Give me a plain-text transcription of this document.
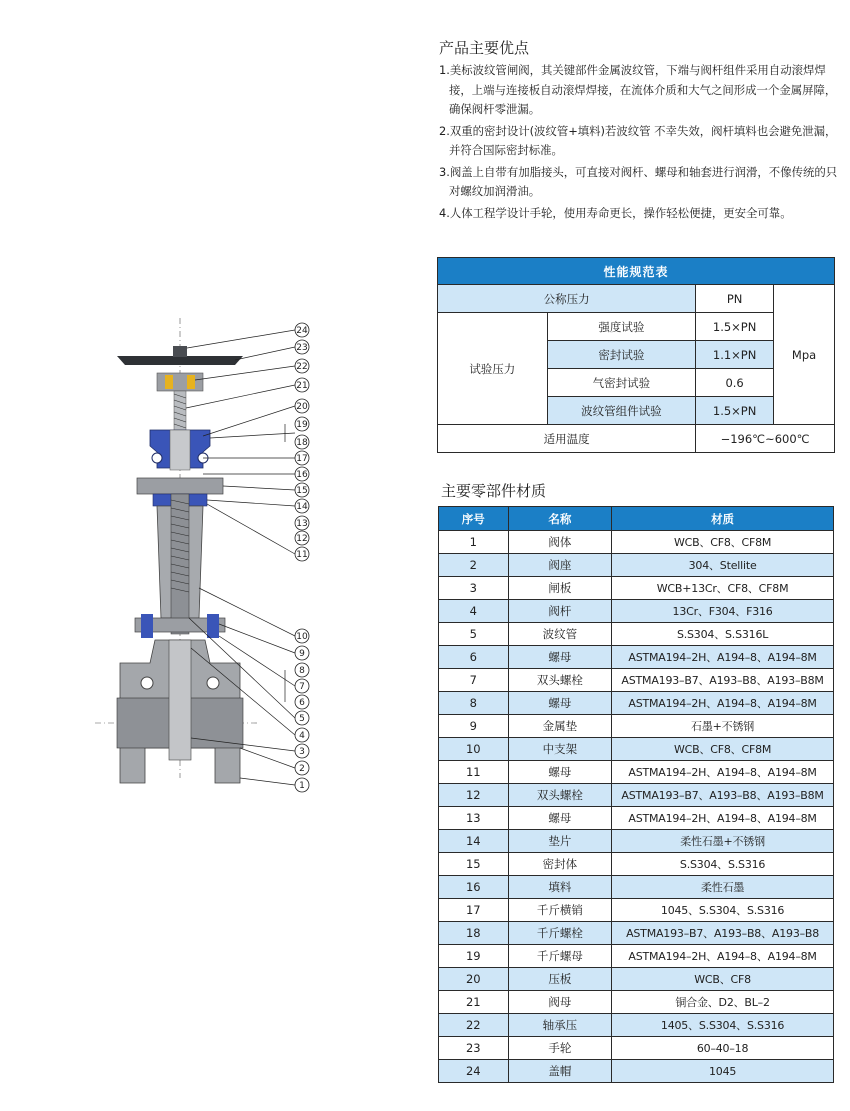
产品主要优点
1.美标波纹管闸阀，其关键部件金属波纹管，下端与阀杆组件采用自动滚焊焊接，上端与连接板自动滚焊焊接，在流体介质和大气之间形成一个金属屏障，确保阀杆零泄漏。
2.双重的密封设计(波纹管+填料)若波纹管 不幸失效，阀杆填料也会避免泄漏，并符合国际密封标准。
3.阀盖上自带有加脂接头，可直接对阀杆、螺母和轴套进行润滑，不像传统的只对螺纹加润滑油。
4.人体工程学设计手轮，使用寿命更长，操作轻松便捷，更安全可靠。
性能规范表			
公称压力		PN	Mpa
试验压力	强度试验	1.5×PN	
	密封试验	1.1×PN	
	气密封试验	0.6	
	波纹管组件试验	1.5×PN	
适用温度		−196℃~600℃	
主要零部件材质
序号	名称	材质
1	阀体	WCB、CF8、CF8M
2	阀座	304、Stellite
3	闸板	WCB+13Cr、CF8、CF8M
4	阀杆	13Cr、F304、F316
5	波纹管	S.S304、S.S316L
6	螺母	ASTMA194–2H、A194–8、A194–8M
7	双头螺栓	ASTMA193–B7、A193–B8、A193–B8M
8	螺母	ASTMA194–2H、A194–8、A194–8M
9	金属垫	石墨+不锈钢
10	中支架	WCB、CF8、CF8M
11	螺母	ASTMA194–2H、A194–8、A194–8M
12	双头螺栓	ASTMA193–B7、A193–B8、A193–B8M
13	螺母	ASTMA194–2H、A194–8、A194–8M
14	垫片	柔性石墨+不锈钢
15	密封体	S.S304、S.S316
16	填料	柔性石墨
17	千斤横销	1045、S.S304、S.S316
18	千斤螺栓	ASTMA193–B7、A193–B8、A193–B8
19	千斤螺母	ASTMA194–2H、A194–8、A194–8M
20	压板	WCB、CF8
21	阀母	铜合金、D2、BL–2
22	轴承压	1405、S.S304、S.S316
23	手轮	60–40–18
24	盖帽	1045
24
23
22
21
20
19
18
17
16
15
14
13
12
11
10
9
8
7
6
5
4
3
2
1
